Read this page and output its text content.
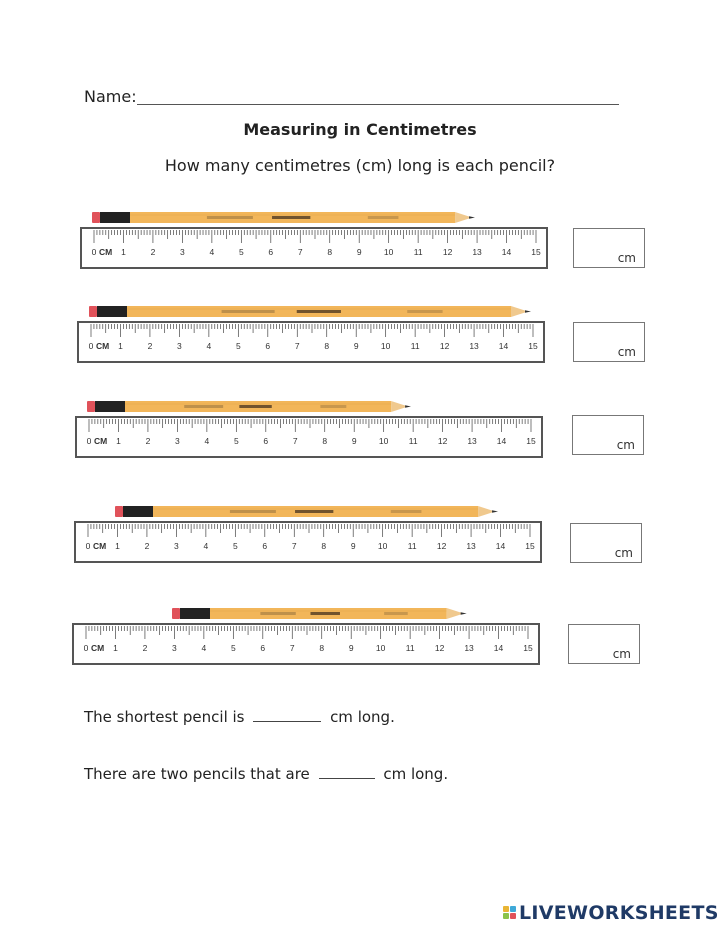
Name:
Measuring in Centimetres
How many centimetres (cm) long is each pencil?
0	1	2	3	4	5	6	7	8	9	10 11 12 13 14 15
CM	cm
0	1	2	3	4	5	6	7	8	9	10 11 12 13 14 15
CM	cm
0	1	2	3	4	5	6	7	8	9	10 11 12 13 14 15
CM	cm
0	1	2	3	4	5	6	7	8	9	10 11 12 13 14 15
CM	cm
0	1	2	3	4	5	6	7	8	9	10 11 12 13 14 15
CM	cm
The shortest pencil is	cm long.
There are two pencils that are	cm long.
LIVEWORKSHEETS
